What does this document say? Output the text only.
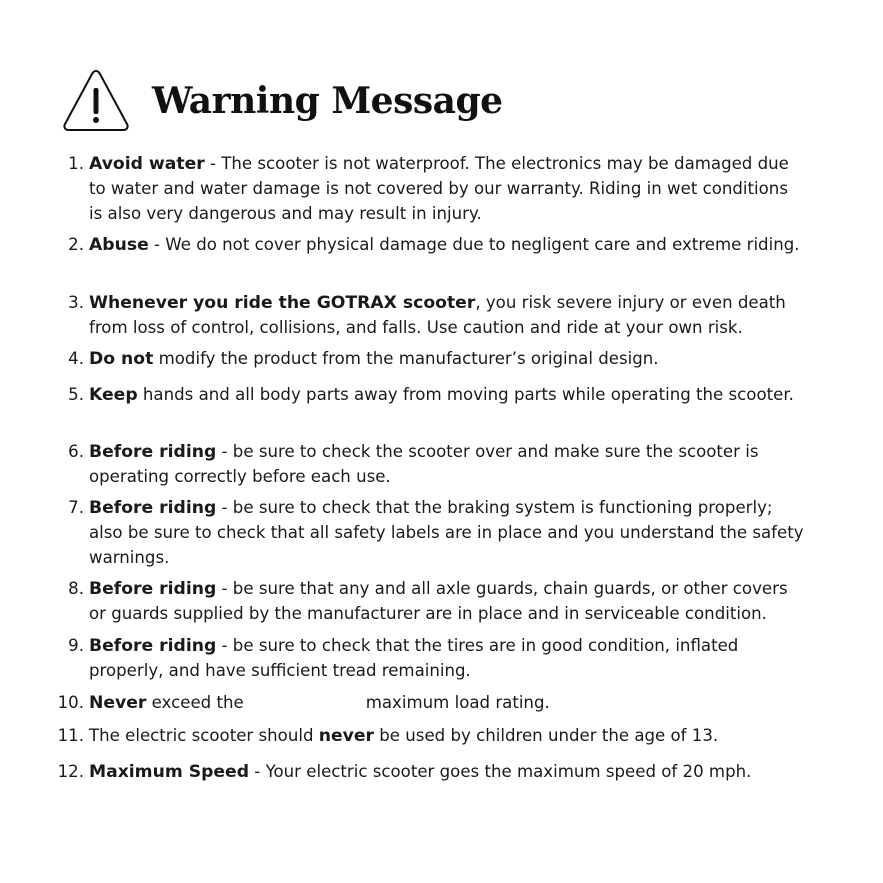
Warning Message
1. Avoid water - The scooter is not waterproof. The electronics may be damaged due
to water and water damage is not covered by our warranty. Riding in wet conditions
is also very dangerous and may result in injury.
2. Abuse - We do not cover physical damage due to negligent care and extreme riding.
3. Whenever you ride the GOTRAX scooter, you risk severe injury or even death
from loss of control, collisions, and falls. Use caution and ride at your own risk.
4. Do not modify the product from the manufacturer’s original design.
5. Keep hands and all body parts away from moving parts while operating the scooter.
6. Before riding - be sure to check the scooter over and make sure the scooter is
operating correctly before each use.
7. Before riding - be sure to check that the braking system is functioning properly;
also be sure to check that all safety labels are in place and you understand the safety
warnings.
8. Before riding - be sure that any and all axle guards, chain guards, or other covers
or guards supplied by the manufacturer are in place and in serviceable condition.
9. Before riding - be sure to check that the tires are in good condition, inflated
properly, and have sufficient tread remaining.
10. Never exceed the	maximum load rating.
11. The electric scooter should never be used by children under the age of 13.
12. Maximum Speed - Your electric scooter goes the maximum speed of 20 mph.
